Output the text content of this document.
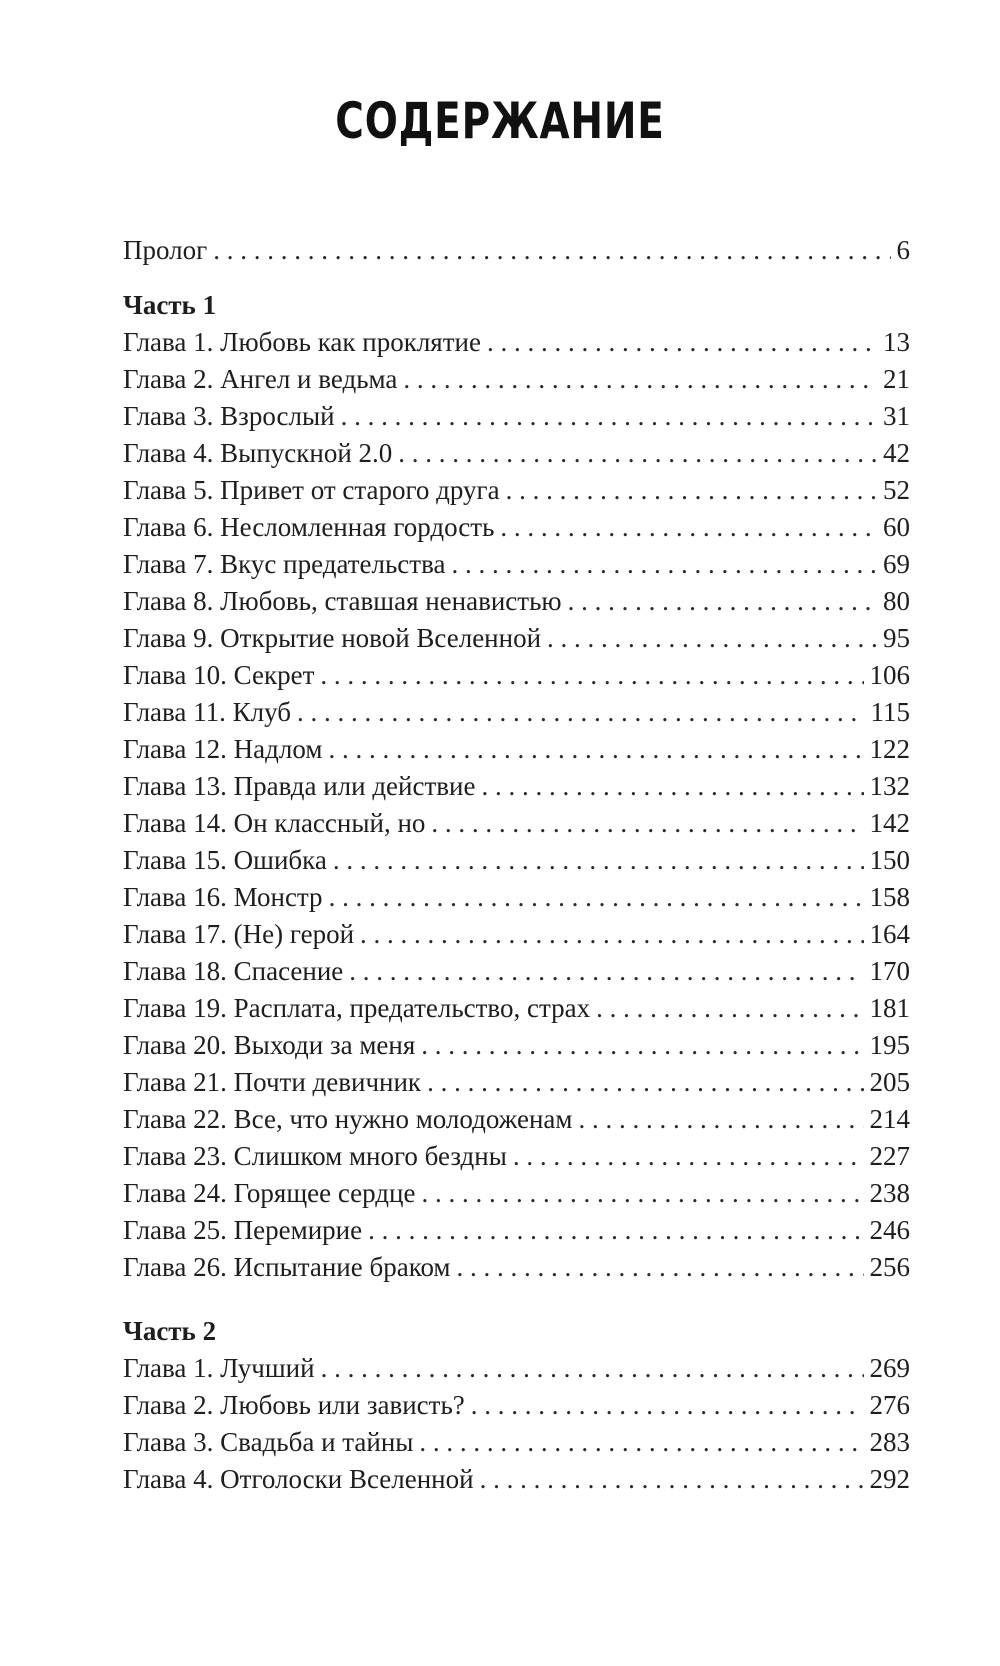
СОДЕРЖАНИЕ
Пролог . . .	6
Часть 1
Глава 1. Любовь как проклятие . . .	13
Глава 2. Ангел и ведьма . . .	21
Глава 3. Взрослый . . .	31
Глава 4. Выпускной 2.0 . . .	42
Глава 5. Привет от старого друга . . .	52
Глава 6. Несломленная гордость . . .	60
Глава 7. Вкус предательства . . .	69
Глава 8. Любовь, ставшая ненавистью . . .	80
Глава 9. Открытие новой Вселенной . . .	95
Глава 10. Секрет . . .	106
Глава 11. Клуб . . .	115
Глава 12. Надлом . . .	122
Глава 13. Правда или действие . . .	132
Глава 14. Он классный, но . . .	142
Глава 15. Ошибка . . .	150
Глава 16. Монстр . . .	158
Глава 17. (Не) герой . . .	164
Глава 18. Спасение . . .	170
Глава 19. Расплата, предательство, страх . . .	181
Глава 20. Выходи за меня . . .	195
Глава 21. Почти девичник . . .	205
Глава 22. Все, что нужно молодоженам . . .	214
Глава 23. Слишком много бездны . . .	227
Глава 24. Горящее сердце . . .	238
Глава 25. Перемирие . . .	246
Глава 26. Испытание браком . . .	256
Часть 2
Глава 1. Лучший . . .	269
Глава 2. Любовь или зависть? . . .	276
Глава 3. Свадьба и тайны . . .	283
Глава 4. Отголоски Вселенной . . .	292
